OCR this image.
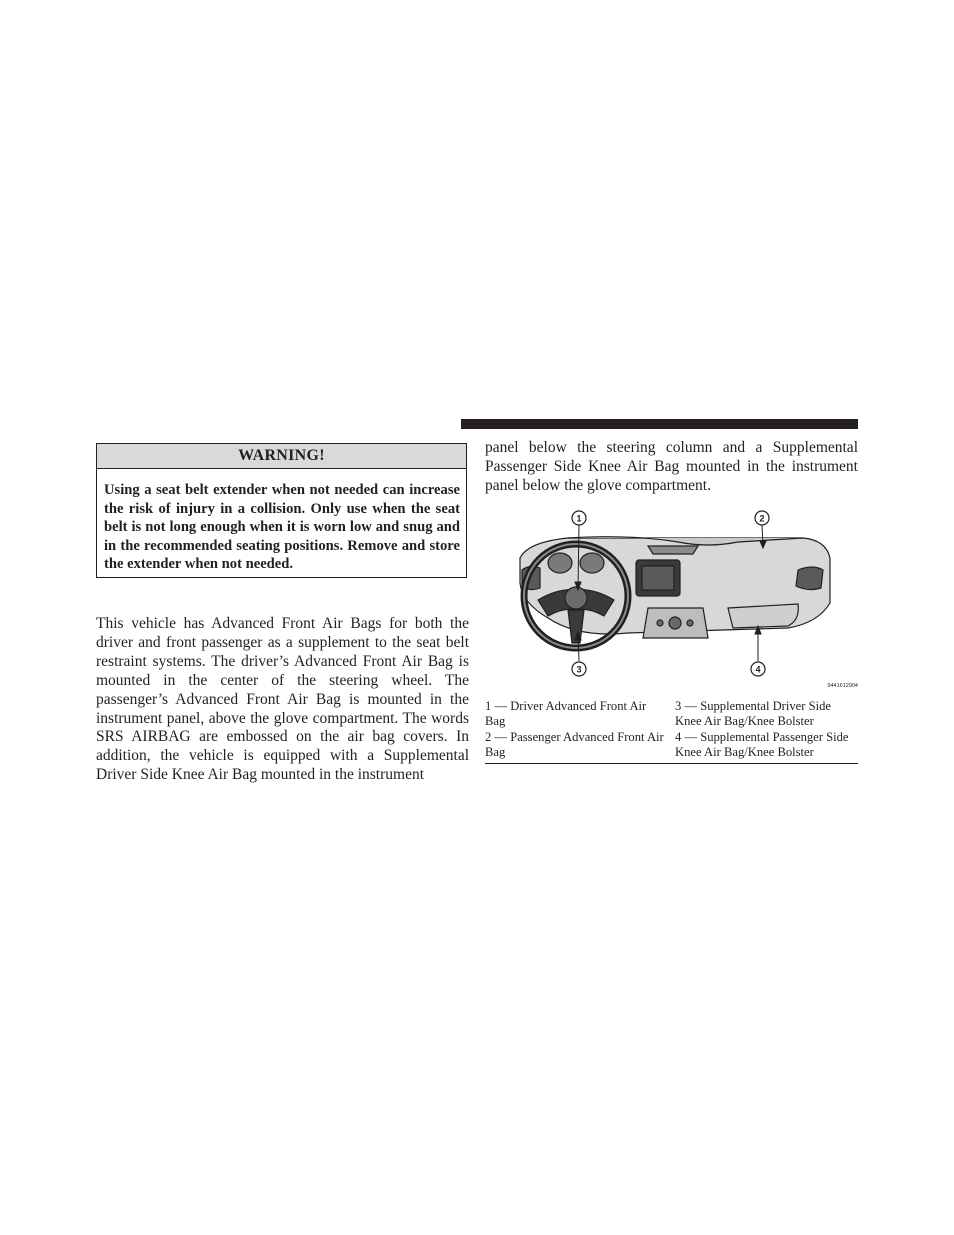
WARNING!
Using a seat belt extender when not needed can increase the risk of injury in a collision. Only use when the seat belt is not long enough when it is worn low and snug and in the recommended seating positions. Remove and store the extender when not needed.
This vehicle has Advanced Front Air Bags for both the driver and front passenger as a supplement to the seat belt restraint systems. The driver’s Advanced Front Air Bag is mounted in the center of the steering wheel. The passenger’s Advanced Front Air Bag is mounted in the instrument panel, above the glove compartment. The words SRS AIRBAG are embossed on the air bag covers. In addition, the vehicle is equipped with a Supplemental Driver Side Knee Air Bag mounted in the instrument
panel below the steering column and a Supplemental Passenger Side Knee Air Bag mounted in the instrument panel below the glove compartment.
1	2
3	4
9441612904
1 — Driver Advanced Front Air Bag
2 — Passenger Advanced Front Air Bag
3 — Supplemental Driver Side Knee Air Bag/Knee Bolster
4 — Supplemental Passenger Side Knee Air Bag/Knee Bolster
